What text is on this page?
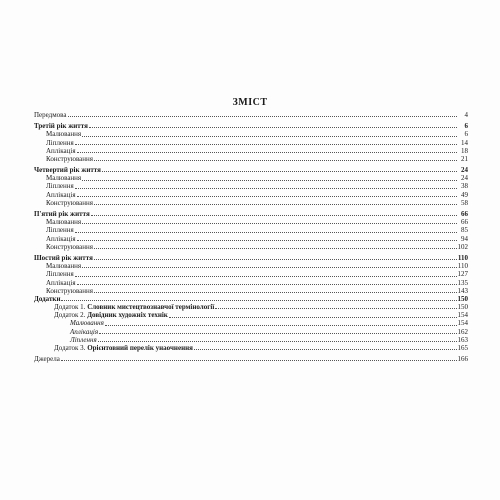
ЗМІСТ
Передмова	4
Третій рік життя	6
Малювання	6
Ліплення	14
Аплікація	18
Конструювання	21
Четвертий рік життя	24
Малювання	24
Ліплення	38
Аплікація	49
Конструювання	58
П'ятий рік життя	66
Малювання	66
Ліплення	85
Аплікація	94
Конструювання	102
Шостий рік життя	110
Малювання	110
Ліплення	127
Аплікація	135
Конструювання	143
Додатки	150
Додаток 1. Словник мистецтвознавчої термінології	150
Додаток 2. Довідник художніх технік	154
Малювання	154
Аплікація	162
Ліплення	163
Додаток 3. Орієнтовний перелік унаочнення	165
Джерела	166
